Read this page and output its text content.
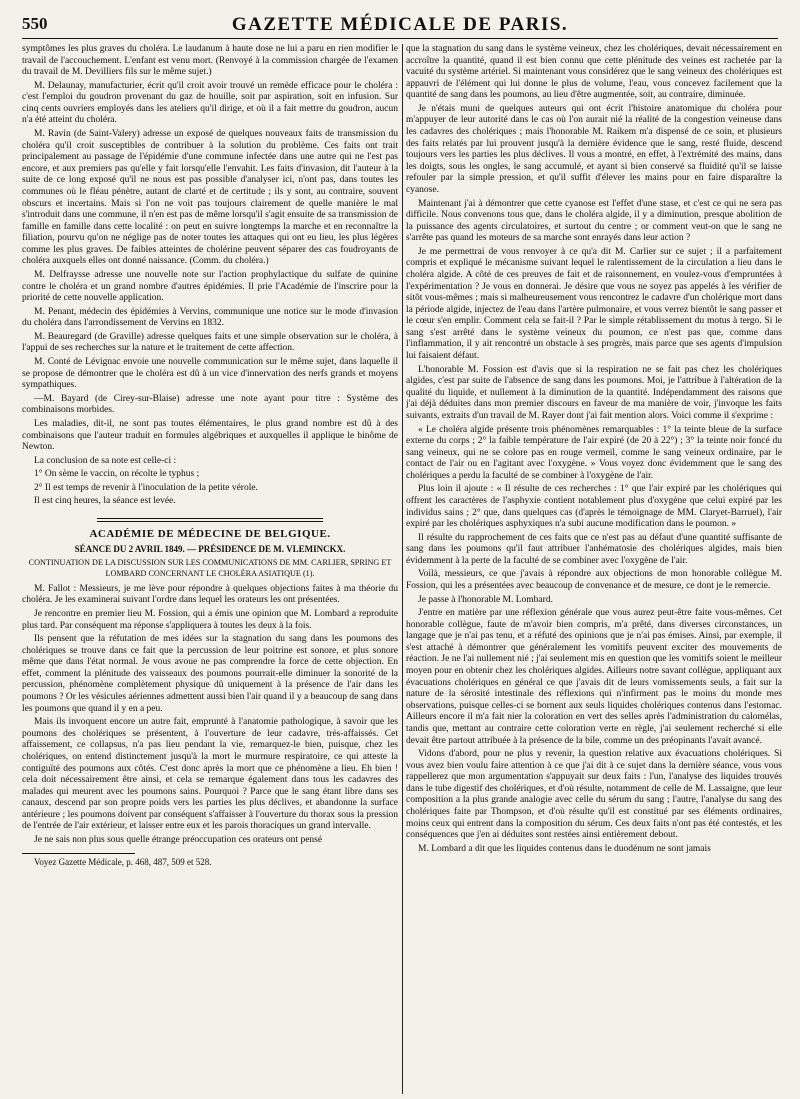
550	GAZETTE MÉDICALE DE PARIS.

symptômes les plus graves du choléra. Le laudanum à haute dose ne lui a paru en rien modifier le travail de l'accouchement. L'enfant est venu mort. (Renvoyé à la commission chargée de l'examen du travail de M. Devilliers fils sur le même sujet.)

M. Delaunay, manufacturier, écrit qu'il croit avoir trouvé un remède efficace pour le choléra : c'est l'emploi du goudron provenant du gaz de houille, soit par aspiration, soit en infusion. Sur cinq cents ouvriers employés dans les ateliers qu'il dirige, et où il a fait mettre du goudron, aucun n'a été atteint du choléra.

M. Ravin (de Saint-Valery) adresse un exposé de quelques nouveaux faits de transmission du choléra qu'il croit susceptibles de contribuer à la solution du problème. Ces faits ont trait principalement au passage de l'épidémie d'une commune infectée dans une autre qui ne l'est pas encore, et aux premiers pas qu'elle y fait lorsqu'elle l'envahit. Les faits d'invasion, dit l'auteur à la suite de ce long exposé qu'il ne nous est pas possible d'analyser ici, n'ont pas, dans toutes les communes où le fléau pénètre, autant de clarté et de certitude ; ils y sont, au contraire, souvent obscurs et incertains. Mais si l'on ne voit pas toujours clairement de quelle manière le mal s'introduit dans une commune, il n'en est pas de même lorsqu'il s'agit ensuite de sa transmission de famille en famille dans cette localité : on peut en suivre longtemps la marche et en reconnaître la filiation, pourvu qu'on ne néglige pas de noter toutes les attaques qui ont eu lieu, les plus légères comme les plus graves. De faibles atteintes de cholérine peuvent séparer des cas foudroyants de choléra auxquels elles ont donné naissance. (Comm. du choléra.)

M. Delfraysse adresse une nouvelle note sur l'action prophylactique du sulfate de quinine contre le choléra et un grand nombre d'autres épidémies. Il prie l'Académie de l'inscrire pour la priorité de cette nouvelle application.

M. Penant, médecin des épidémies à Vervins, communique une notice sur le mode d'invasion du choléra dans l'arrondissement de Vervins en 1832.

M. Beauregard (de Graville) adresse quelques faits et une simple observation sur le choléra, à l'appui de ses recherches sur la nature et le traitement de cette affection.

M. Conté de Lévignac envoie une nouvelle communication sur le même sujet, dans laquelle il se propose de démontrer que le choléra est dû à un vice d'innervation des nerfs grands et moyens sympathiques.

—M. Bayard (de Cirey-sur-Blaise) adresse une note ayant pour titre : Système des combinaisons morbides.

Les maladies, dit-il, ne sont pas toutes élémentaires, le plus grand nombre est dû à des combinaisons que l'auteur traduit en formules algébriques et auxquelles il applique le binôme de Newton.

La conclusion de sa note est celle-ci :

1° On sème le vaccin, on récolte le typhus ;

2° Il est temps de revenir à l'inoculation de la petite vérole.

Il est cinq heures, la séance est levée.

ACADÉMIE DE MÉDECINE DE BELGIQUE.
SÉANCE DU 2 AVRIL 1849. — PRÉSIDENCE DE M. VLEMINCKX.
CONTINUATION DE LA DISCUSSION SUR LES COMMUNICATIONS DE MM. CARLIER, SPRING ET LOMBARD CONCERNANT LE CHOLÉRA ASIATIQUE (1).

M. Fallot : Messieurs, je me lève pour répondre à quelques objections faites à ma théorie du choléra. Je les examinerai suivant l'ordre dans lequel les orateurs les ont présentées.

Je rencontre en premier lieu M. Fossion, qui a émis une opinion que M. Lombard a reproduite plus tard. Par conséquent ma réponse s'appliquera à toutes les deux à la fois.

Ils pensent que la réfutation de mes idées sur la stagnation du sang dans les poumons des cholériques se trouve dans ce fait que la percussion de leur poitrine est sonore, et plus sonore même que dans l'état normal. Je vous avoue ne pas comprendre la force de cette objection. En effet, comment la plénitude des vaisseaux des poumons pourrait-elle diminuer la sonorité de la percussion, phénomène complètement physique dû uniquement à la présence de l'air dans les poumons ? Or les vésicules aériennes admettent aussi bien l'air quand il y a beaucoup de sang dans les poumons que quand il y en a peu.

Mais ils invoquent encore un autre fait, emprunté à l'anatomie pathologique, à savoir que les poumons des cholériques se présentent, à l'ouverture de leur cadavre, très-affaissés. Cet affaissement, ce collapsus, n'a pas lieu pendant la vie, remarquez-le bien, puisque, chez les cholériques, on entend distinctement jusqu'à la mort le murmure respiratoire, ce qui atteste la contiguïté des poumons aux côtés. C'est donc après la mort que ce phénomène a lieu. Eh bien ! cela doit nécessairement être ainsi, et cela se remarque également dans tous les cadavres des malades qui meurent avec les poumons sains. Pourquoi ? Parce que le sang étant libre dans ses canaux, descend par son propre poids vers les parties les plus déclives, et abandonne la surface antérieure ; les poumons doivent par conséquent s'affaisser à l'ouverture du thorax sous la pression de l'entrée de l'air extérieur, et laisser entre eux et les parois thoraciques un grand intervalle.

Je ne sais non plus sous quelle étrange préoccupation ces orateurs ont pensé

Voyez Gazette Médicale, p. 468, 487, 509 et 528.

que la stagnation du sang dans le système veineux, chez les cholériques, devait nécessairement en accroître la quantité, quand il est bien connu que cette plénitude des veines est rachetée par la vacuité du système artériel. Si maintenant vous considérez que le sang veineux des cholériques est appauvri de l'élément qui lui donne le plus de volume, l'eau, vous concevez facilement que la quantité de sang dans les poumons, au lieu d'être augmentée, soit, au contraire, diminuée.

Je n'étais muni de quelques auteurs qui ont écrit l'histoire anatomique du choléra pour m'appuyer de leur autorité dans le cas où l'on aurait nié la réalité de la congestion veineuse dans les cadavres des cholériques ; mais l'honorable M. Raikem m'a dispensé de ce soin, et plusieurs des faits relatés par lui prouvent jusqu'à la dernière évidence que le sang, resté fluide, descend toujours vers les parties les plus déclives. Il vous a montré, en effet, à l'extrémité des mains, dans les doigts, sous les ongles, le sang accumulé, et ayant si bien conservé sa fluidité qu'il se laisse refouler par la simple pression, et qu'il suffit d'élever les mains pour en faire disparaître la cyanose.

Maintenant j'ai à démontrer que cette cyanose est l'effet d'une stase, et c'est ce qui ne sera pas difficile. Nous convenons tous que, dans le choléra algide, il y a diminution, presque abolition de la puissance des agents circulatoires, et surtout du centre ; or comment veut-on que le sang ne s'arrête pas quand les moteurs de sa marche sont enrayés dans leur action ?

Je me permettrai de vous renvoyer à ce qu'a dit M. Carlier sur ce sujet ; il a parfaitement compris et expliqué le mécanisme suivant lequel le ralentissement de la circulation a lieu dans le choléra algide. A côté de ces preuves de fait et de raisonnement, en voulez-vous d'empruntées à l'expérimentation ? Je vous en donnerai. Je désire que vous ne soyez pas appelés à les vérifier de sitôt vous-mêmes ; mais si malheureusement vous rencontrez le cadavre d'un cholérique mort dans la période algide, injectez de l'eau dans l'artère pulmonaire, et vous verrez bientôt le sang passer et le cœur s'en emplir. Comment cela se fait-il ? Par le simple rétablissement du motus à tergo. Si le sang s'est arrêté dans le système veineux du poumon, ce n'est pas que, comme dans l'inflammation, il y ait rencontré un obstacle à ses progrès, mais parce que ses agents d'impulsion lui faisaient défaut.

L'honorable M. Fossion est d'avis que si la respiration ne se fait pas chez les cholériques algides, c'est par suite de l'absence de sang dans les poumons. Moi, je l'attribue à l'altération de la qualité du liquide, et nullement à la diminution de la quantité. Indépendamment des raisons que j'ai déjà déduites dans mon premier discours en faveur de ma manière de voir, j'invoque les faits suivants, extraits d'un travail de M. Rayer dont j'ai fait mention alors. Voici comme il s'exprime :

« Le choléra algide présente trois phénomènes remarquables : 1° la teinte bleue de la surface externe du corps ; 2° la faible température de l'air expiré (de 20 à 22°) ; 3° la teinte noir foncé du sang veineux, qui ne se colore pas en rouge vermeil, comme le sang veineux ordinaire, par le contact de l'air ou en l'agitant avec l'oxygène. » Vous voyez donc évidemment que le sang des cholériques a perdu la faculté de se combiner à l'oxygène de l'air.

Plus loin il ajoute : « Il résulte de ces recherches : 1° que l'air expiré par les cholériques qui offrent les caractères de l'asphyxie contient notablement plus d'oxygène que celui expiré par les individus sains ; 2° que, dans quelques cas (d'après le témoignage de MM. Claryet-Barruel), l'air expiré par les cholériques asphyxiques n'a subi aucune modification dans le poumon. »

Il résulte du rapprochement de ces faits que ce n'est pas au défaut d'une quantité suffisante de sang dans les poumons qu'il faut attribuer l'anhématosie des cholériques algides, mais bien évidemment à la perte de la faculté de se combiner avec l'oxygène de l'air.

Voilà, messieurs, ce que j'avais à répondre aux objections de mon honorable collègue M. Fossion, qui les a présentées avec beaucoup de convenance et de mesure, ce dont je le remercie.

Je passe à l'honorable M. Lombard.

J'entre en matière par une réflexion générale que vous aurez peut-être faite vous-mêmes. Cet honorable collègue, faute de m'avoir bien compris, m'a prêté, dans diverses circonstances, un langage que je n'ai pas tenu, et a réfuté des opinions que je n'ai pas émises. Ainsi, par exemple, il s'est attaché à démontrer que généralement les vomitifs peuvent exciter des mouvements de réaction. Je ne l'ai nullement nié ; j'ai seulement mis en question que les vomitifs soient le meilleur moyen pour en obtenir chez les cholériques algides. Ailleurs notre savant collègue, appliquant aux évacuations cholériques en général ce que j'avais dit de leurs vomissements seuls, a fait sur la nature de la sérosité intestinale des réflexions qui n'infirment pas le moins du monde mes observations, puisque celles-ci se bornent aux seuls liquides cholériques contenus dans l'estomac. Ailleurs encore il m'a fait nier la coloration en vert des selles après l'administration du calomélas, tandis que, mettant au contraire cette coloration verte en règle, j'ai seulement recherché si elle devait être partout attribuée à la présence de la bile, comme un des préopinants l'avait avancé.

Vidons d'abord, pour ne plus y revenir, la question relative aux évacuations cholériques. Si vous avez bien voulu faire attention à ce que j'ai dit à ce sujet dans la dernière séance, vous vous rappellerez que mon argumentation s'appuyait sur deux faits : l'un, l'analyse des liquides trouvés dans le tube digestif des cholériques, et d'où résulte, notamment de celle de M. Lassaigne, que leur composition a la plus grande analogie avec celle du sérum du sang ; l'autre, l'analyse du sang des cholériques faite par Thompson, et d'où résulte qu'il est constitué par ses éléments ordinaires, moins ceux qui entrent dans la composition du sérum. Ces deux faits n'ont pas été contestés, et les conséquences que j'en ai déduites sont restées ainsi entièrement debout.

M. Lombard a dit que les liquides contenus dans le duodénum ne sont jamais
